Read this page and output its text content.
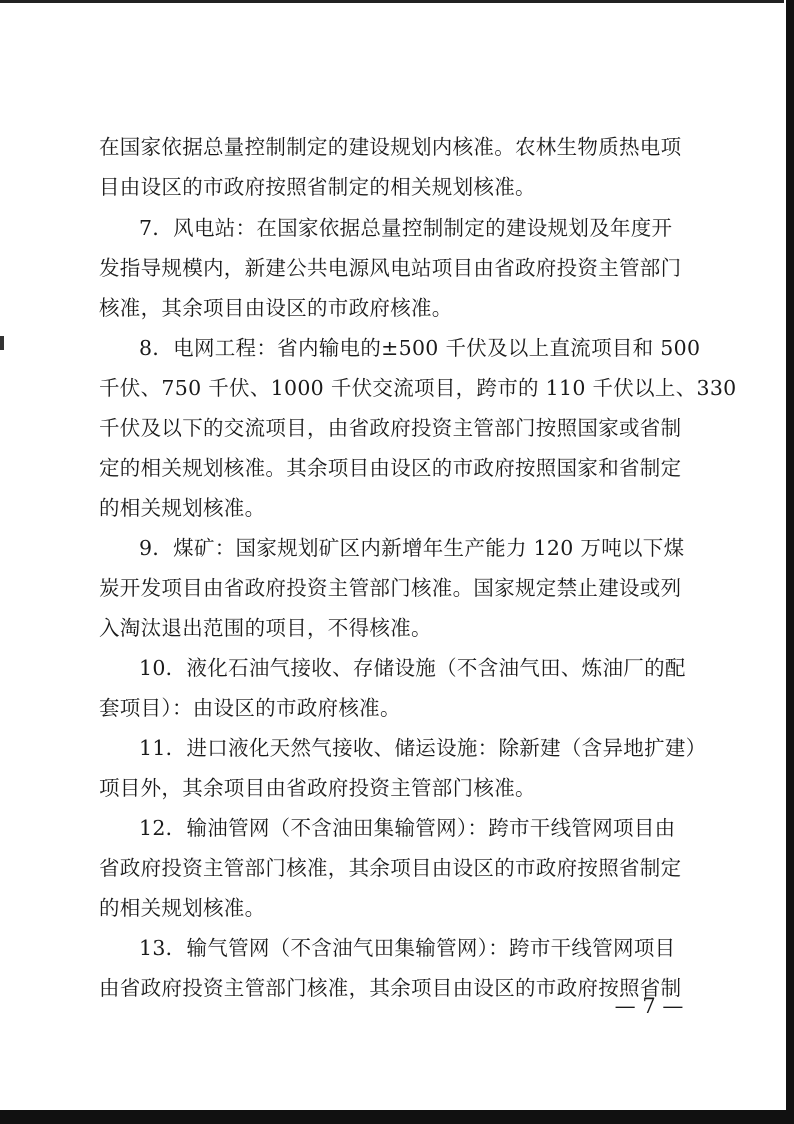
在国家依据总量控制制定的建设规划内核准。农林生物质热电项
目由设区的市政府按照省制定的相关规划核准。
7．风电站：在国家依据总量控制制定的建设规划及年度开
发指导规模内，新建公共电源风电站项目由省政府投资主管部门
核准，其余项目由设区的市政府核准。
8．电网工程：省内输电的±500 千伏及以上直流项目和 500
千伏、750 千伏、1000 千伏交流项目，跨市的 110 千伏以上、330
千伏及以下的交流项目，由省政府投资主管部门按照国家或省制
定的相关规划核准。其余项目由设区的市政府按照国家和省制定
的相关规划核准。
9．煤矿：国家规划矿区内新增年生产能力 120 万吨以下煤
炭开发项目由省政府投资主管部门核准。国家规定禁止建设或列
入淘汰退出范围的项目，不得核准。
10．液化石油气接收、存储设施（不含油气田、炼油厂的配
套项目）：由设区的市政府核准。
11．进口液化天然气接收、储运设施：除新建（含异地扩建）
项目外，其余项目由省政府投资主管部门核准。
12．输油管网（不含油田集输管网）：跨市干线管网项目由
省政府投资主管部门核准，其余项目由设区的市政府按照省制定
的相关规划核准。
13．输气管网（不含油气田集输管网）：跨市干线管网项目
由省政府投资主管部门核准，其余项目由设区的市政府按照省制
— 7 —
